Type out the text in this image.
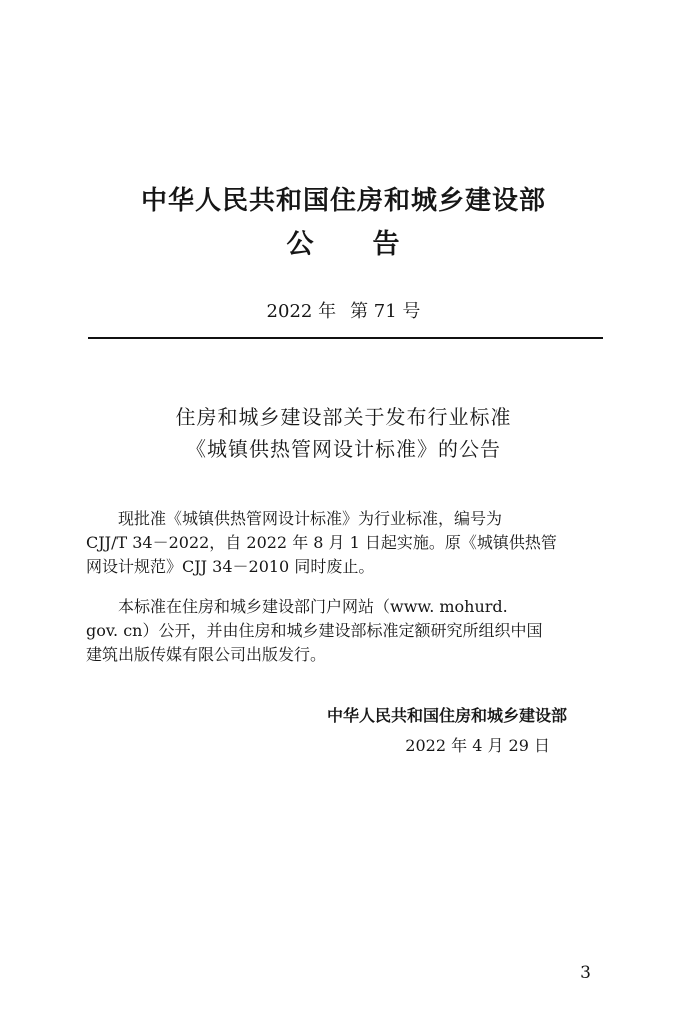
中华人民共和国住房和城乡建设部
公 告
2022 年 第 71 号
住房和城乡建设部关于发布行业标准
《城镇供热管网设计标准》的公告
现批准《城镇供热管网设计标准》为行业标准，编号为
CJJ/T 34－2022，自 2022 年 8 月 1 日起实施。原《城镇供热管
网设计规范》CJJ 34－2010 同时废止。
本标准在住房和城乡建设部门户网站（www. mohurd.
gov. cn）公开，并由住房和城乡建设部标准定额研究所组织中国
建筑出版传媒有限公司出版发行。
中华人民共和国住房和城乡建设部
2022 年 4 月 29 日
3
